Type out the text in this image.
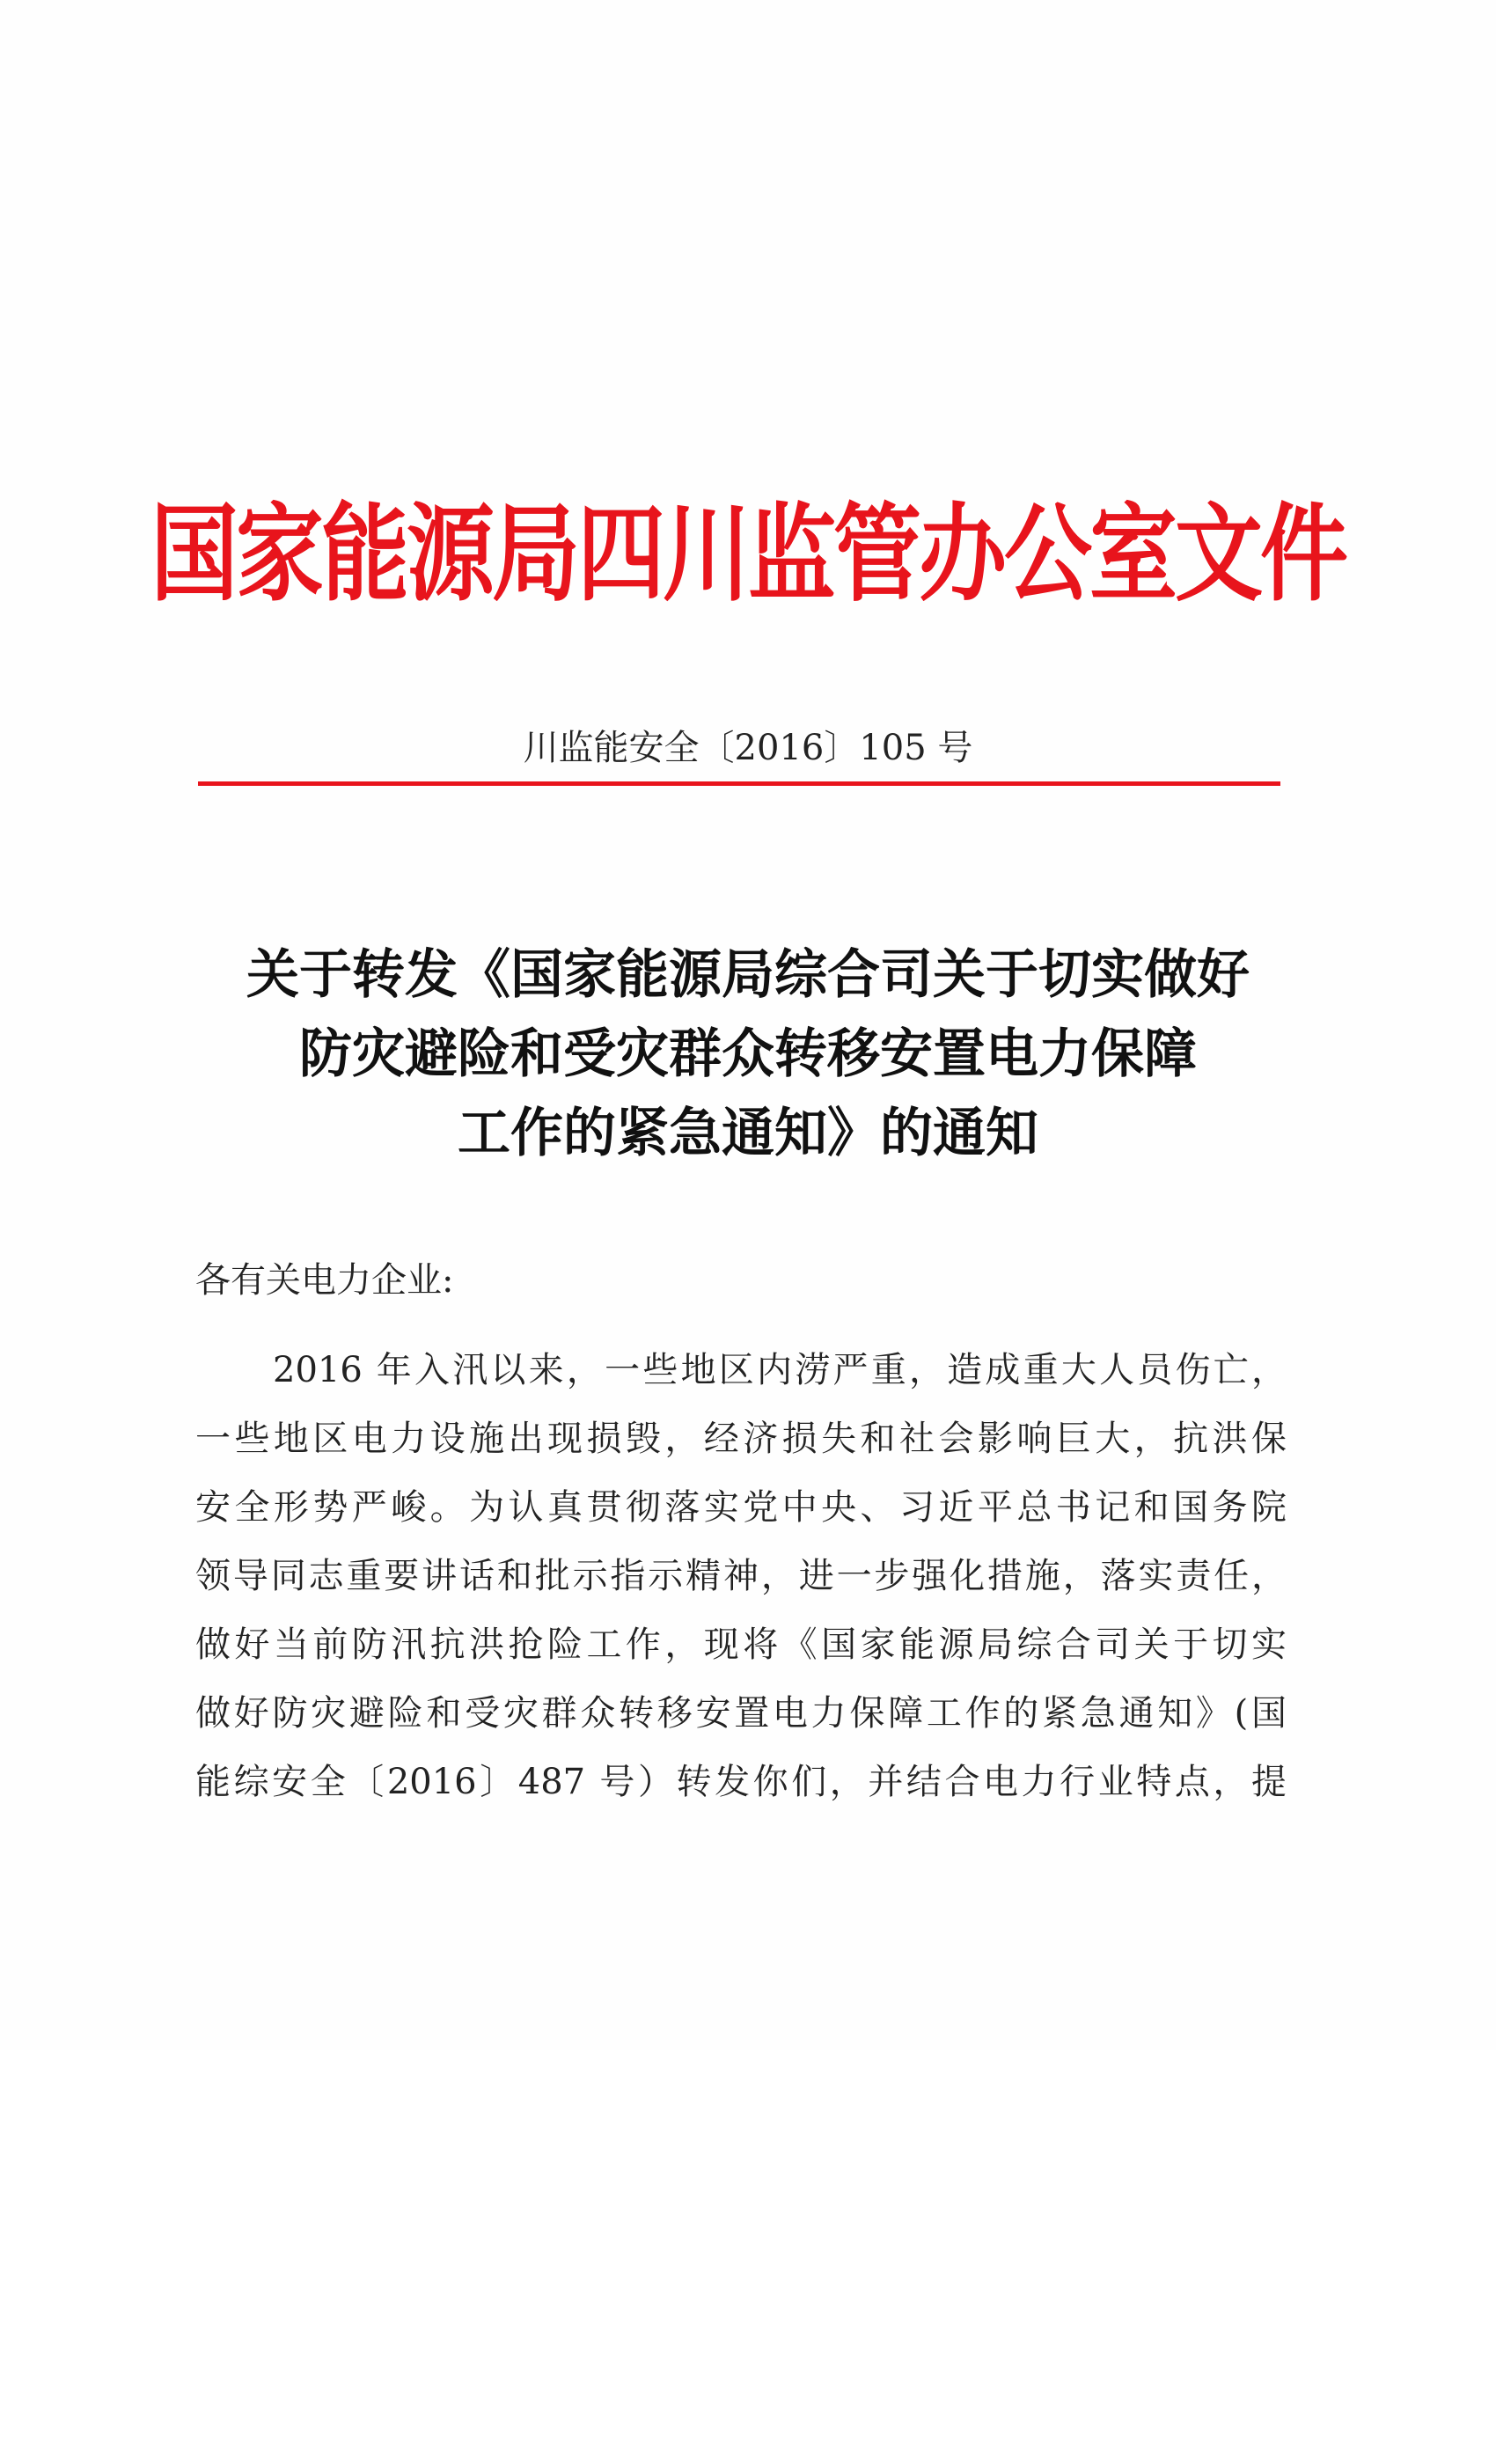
国家能源局四川监管办公室文件
川监能安全〔2016〕105 号
关于转发《国家能源局综合司关于切实做好
防灾避险和受灾群众转移安置电力保障
工作的紧急通知》的通知
各有关电力企业:
2016 年入汛以来，一些地区内涝严重，造成重大人员伤亡，
一些地区电力设施出现损毁，经济损失和社会影响巨大，抗洪保
安全形势严峻。为认真贯彻落实党中央、习近平总书记和国务院
领导同志重要讲话和批示指示精神，进一步强化措施，落实责任，
做好当前防汛抗洪抢险工作，现将《国家能源局综合司关于切实
做好防灾避险和受灾群众转移安置电力保障工作的紧急通知》(国
能综安全〔2016〕487 号）转发你们，并结合电力行业特点，提
